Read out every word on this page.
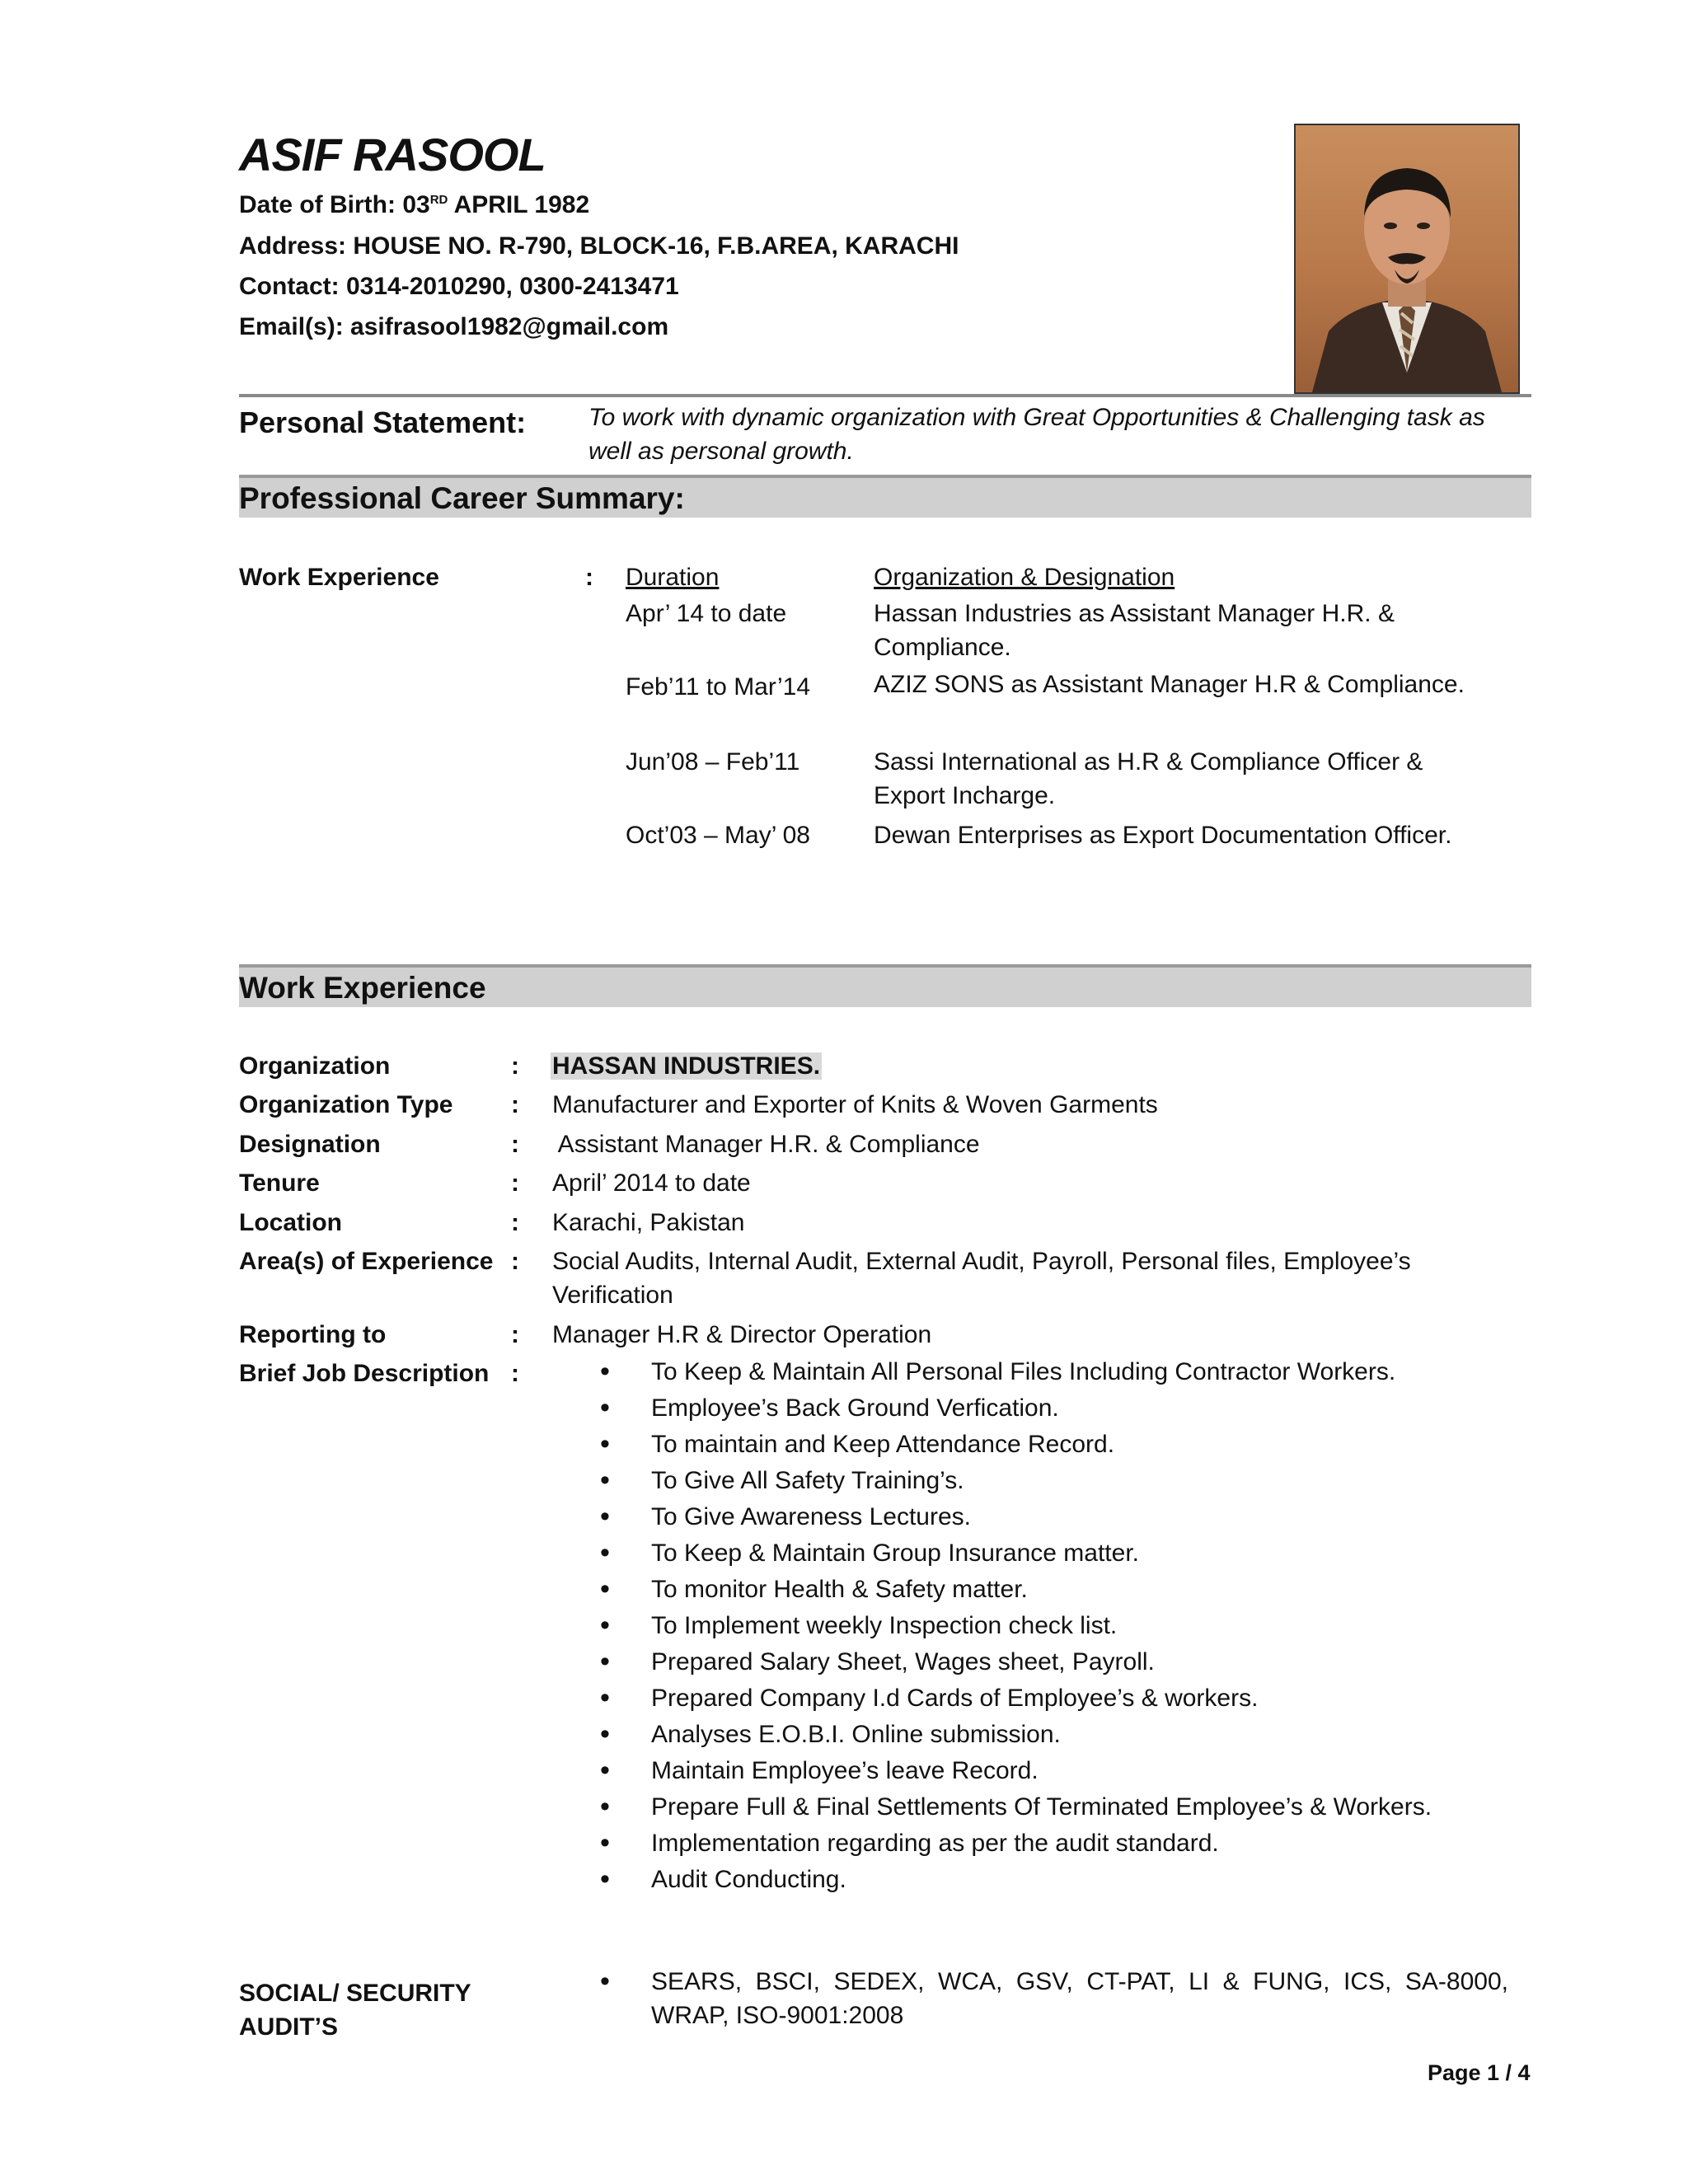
ASIF RASOOL
Date of Birth: 03RD APRIL 1982
Address: HOUSE NO. R-790, BLOCK-16, F.B.AREA, KARACHI
Contact: 0314-2010290, 0300-2413471
Email(s): asifrasool1982@gmail.com
Personal Statement:	To work with dynamic organization with Great Opportunities & Challenging task as well as personal growth.
Professional Career Summary:
Work Experience	: Duration	Organization & Designation
Apr’ 14 to date	Hassan Industries as Assistant Manager H.R. & Compliance.
Feb’11 to Mar’14	AZIZ SONS as Assistant Manager H.R & Compliance.
Jun’08 – Feb’11	Sassi International as H.R & Compliance Officer & Export Incharge.
Oct’03 – May’ 08	Dewan Enterprises as Export Documentation Officer.
Work Experience
Organization	: HASSAN INDUSTRIES.
Organization Type : Manufacturer and Exporter of Knits & Woven Garments
Designation	: Assistant Manager H.R. & Compliance
Tenure	: April’ 2014 to date
Location	: Karachi, Pakistan
Area(s) of Experience : Social Audits, Internal Audit, External Audit, Payroll, Personal files, Employee’s Verification
Reporting to	: Manager H.R & Director Operation
Brief Job Description :
•	To Keep & Maintain All Personal Files Including Contractor Workers.
• Employee’s Back Ground Verfication.
• To maintain and Keep Attendance Record.
• To Give All Safety Training’s.
• To Give Awareness Lectures.
• To Keep & Maintain Group Insurance matter.
• To monitor Health & Safety matter.
• To Implement weekly Inspection check list.
• Prepared Salary Sheet, Wages sheet, Payroll.
• Prepared Company I.d Cards of Employee’s & workers.
• Analyses E.O.B.I. Online submission.
• Maintain Employee’s leave Record.
• Prepare Full & Final Settlements Of Terminated Employee’s & Workers.
• Implementation regarding as per the audit standard.
• Audit Conducting.
SOCIAL/ SECURITY
AUDIT’S
• SEARS, BSCI, SEDEX, WCA, GSV, CT-PAT, LI & FUNG, ICS, SA-8000, WRAP, ISO-9001:2008
Page 1 / 4
